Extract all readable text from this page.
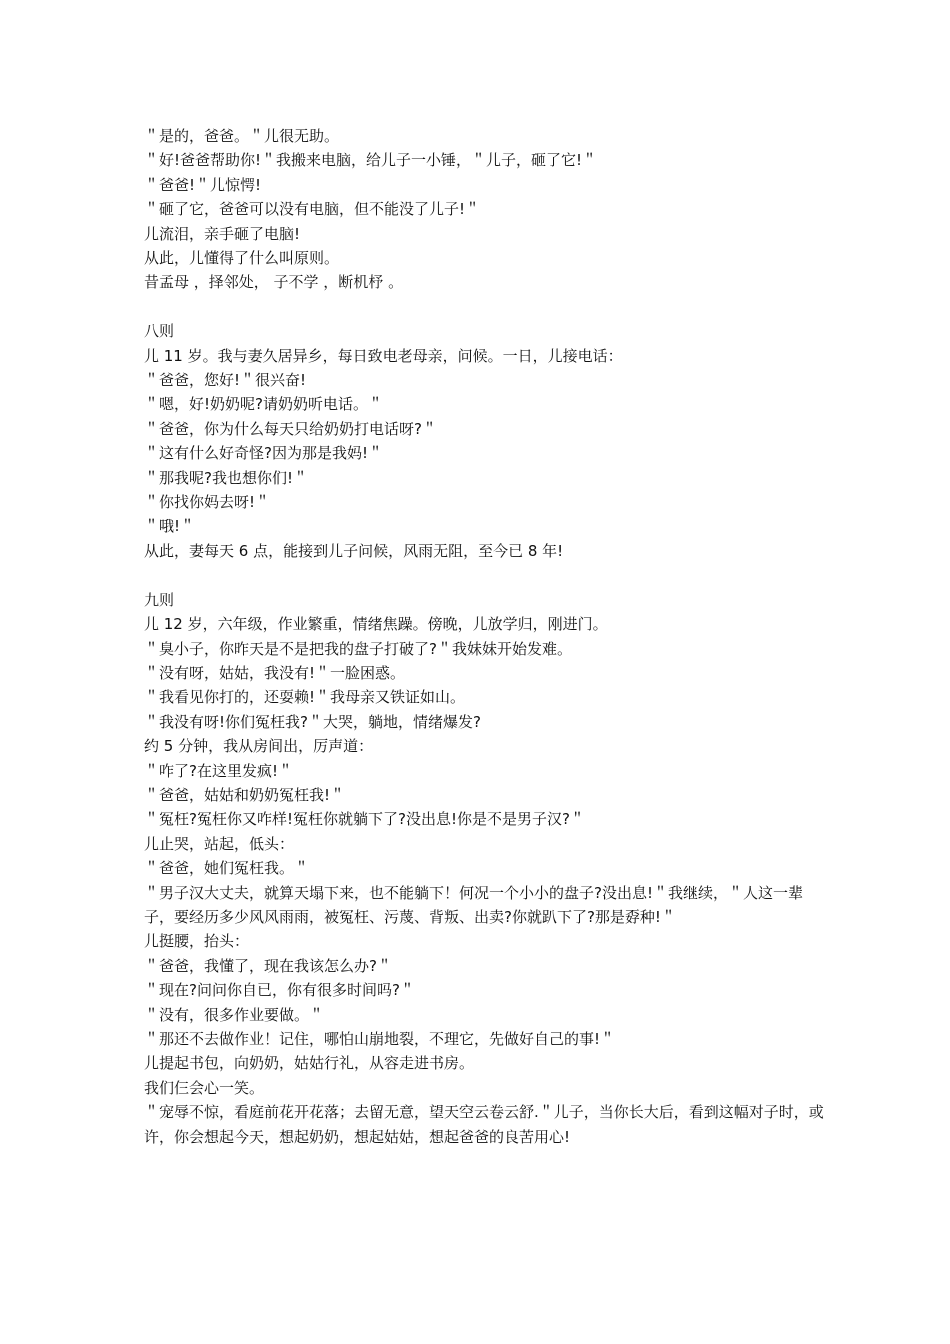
＂是的，爸爸。＂儿很无助。

＂好!爸爸帮助你!＂我搬来电脑，给儿子一小锤，＂儿子，砸了它!＂

＂爸爸!＂儿惊愕!

＂砸了它，爸爸可以没有电脑，但不能没了儿子!＂

儿流泪，亲手砸了电脑!

从此，儿懂得了什么叫原则。

昔孟母 ，择邻处， 子不学 ，断机杼 。

八则

儿 11 岁。我与妻久居异乡，每日致电老母亲，问候。一日，儿接电话：

＂爸爸，您好!＂很兴奋!

＂嗯，好!奶奶呢?请奶奶听电话。＂

＂爸爸，你为什么每天只给奶奶打电话呀?＂

＂这有什么好奇怪?因为那是我妈!＂

＂那我呢?我也想你们!＂

＂你找你妈去呀!＂

＂哦!＂

从此，妻每天 6 点，能接到儿子问候，风雨无阻，至今已 8 年!

九则

儿 12 岁，六年级，作业繁重，情绪焦躁。傍晚，儿放学归，刚进门。

＂臭小子，你昨天是不是把我的盘子打破了?＂我妹妹开始发难。

＂没有呀，姑姑，我没有!＂一脸困惑。

＂我看见你打的，还耍赖!＂我母亲又铁证如山。

＂我没有呀!你们冤枉我?＂大哭，躺地，情绪爆发?

约 5 分钟，我从房间出，厉声道：

＂咋了?在这里发疯!＂

＂爸爸，姑姑和奶奶冤枉我!＂

＂冤枉?冤枉你又咋样!冤枉你就躺下了?没出息!你是不是男子汉?＂

儿止哭，站起，低头：

＂爸爸，她们冤枉我。＂

＂男子汉大丈夫，就算天塌下来，也不能躺下！何况一个小小的盘子?没出息!＂我继续，＂人这一辈子，要经历多少风风雨雨，被冤枉、污蔑、背叛、出卖?你就趴下了?那是孬种!＂

儿挺腰，抬头：

＂爸爸，我懂了，现在我该怎么办?＂

＂现在?问问你自已，你有很多时间吗?＂

＂没有，很多作业要做。＂

＂那还不去做作业！记住，哪怕山崩地裂，不理它，先做好自己的事!＂

儿提起书包，向奶奶，姑姑行礼，从容走进书房。

我们仨会心一笑。

＂宠辱不惊，看庭前花开花落；去留无意，望天空云卷云舒.＂儿子，当你长大后，看到这幅对子时，或许，你会想起今天，想起奶奶，想起姑姑，想起爸爸的良苦用心!
